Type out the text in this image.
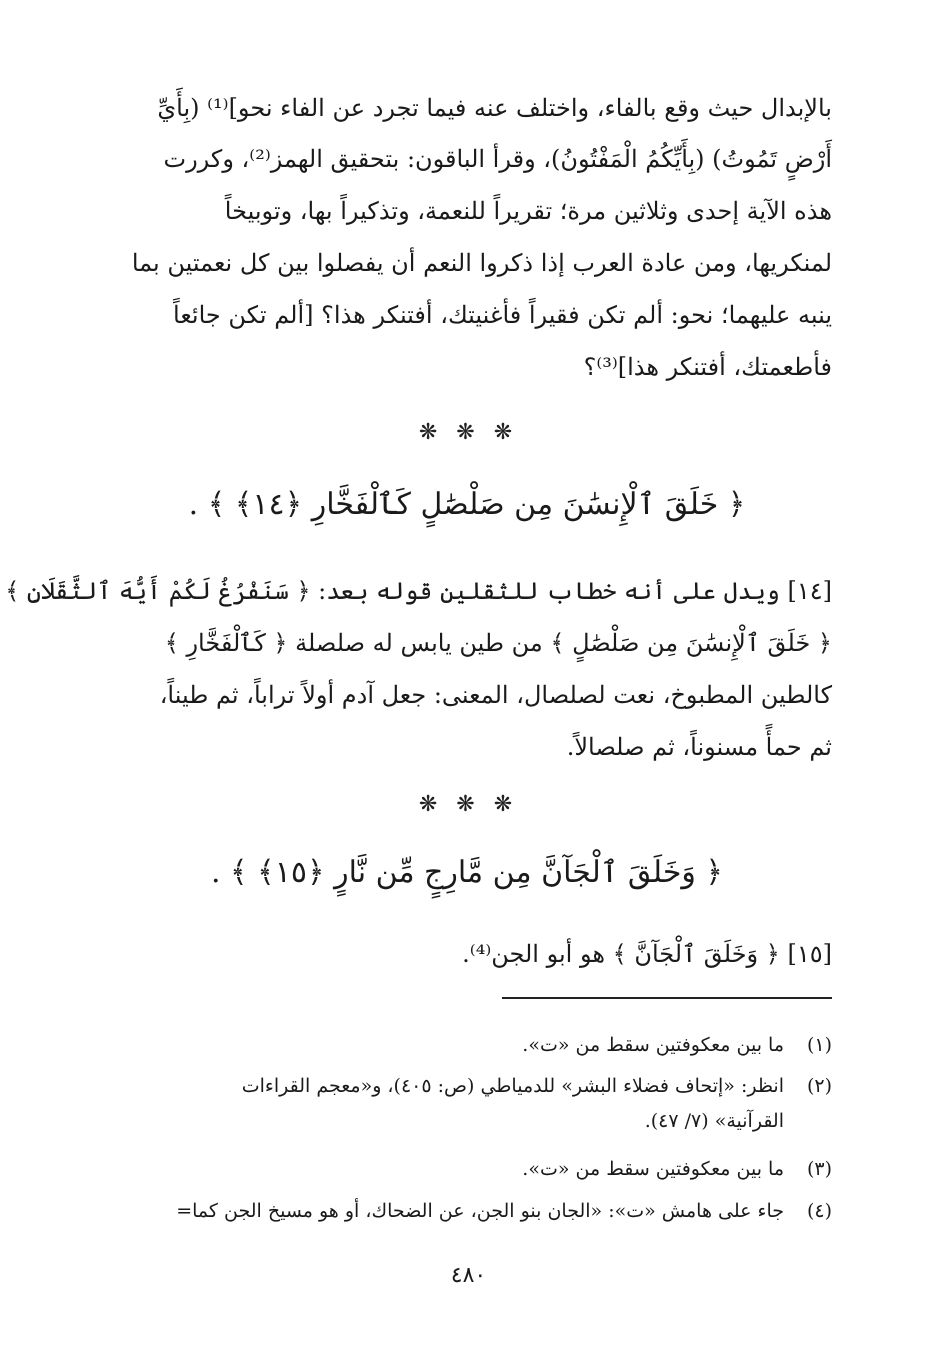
بالإبدال حيث وقع بالفاء، واختلف عنه فيما تجرد عن الفاء نحو]⁽¹⁾ (بِأَيِّ
أَرْضٍ تَمُوتُ) (بِأَيِّكُمُ الْمَفْتُونُ)، وقرأ الباقون: بتحقيق الهمز⁽²⁾، وكررت
هذه الآية إحدى وثلاثين مرة؛ تقريراً للنعمة، وتذكيراً بها، وتوبيخاً
لمنكريها، ومن عادة العرب إذا ذكروا النعم أن يفصلوا بين كل نعمتين بما
ينبه عليهما؛ نحو: ألم تكن فقيراً فأغنيتك، أفتنكر هذا؟ [ألم تكن جائعاً
فأطعمتك، أفتنكر هذا]⁽³⁾؟
❋ ❋ ❋
﴿ خَلَقَ ٱلْإِنسَٰنَ مِن صَلْصَٰلٍ كَٱلْفَخَّارِ ﴿١٤﴾ ﴾ .
[١٤] ويدل على أنه خطاب للثقلين قوله بعد: ﴿ سَنَفْرُغُ لَكُمْ أَيُّهَ ٱلثَّقَلَانِ ﴾
﴿ خَلَقَ ٱلْإِنسَٰنَ مِن صَلْصَٰلٍ ﴾ من طين يابس له صلصلة ﴿ كَٱلْفَخَّارِ ﴾
كالطين المطبوخ، نعت لصلصال، المعنى: جعل آدم أولاً تراباً، ثم طيناً،
ثم حمأً مسنوناً، ثم صلصالاً.
❋ ❋ ❋
﴿ وَخَلَقَ ٱلْجَآنَّ مِن مَّارِجٍ مِّن نَّارٍ ﴿١٥﴾ ﴾ .
[١٥] ﴿ وَخَلَقَ ٱلْجَآنَّ ﴾ هو أبو الجن⁽⁴⁾.
(١)ما بين معكوفتين سقط من «ت».
(٢)انظر: «إتحاف فضلاء البشر» للدمياطي (ص: ٤٠٥)، و«معجم القراءات
القرآنية» (٧/ ٤٧).
(٣)ما بين معكوفتين سقط من «ت».
(٤)جاء على هامش «ت»: «الجان بنو الجن، عن الضحاك، أو هو مسيخ الجن كما=
٤٨٠
